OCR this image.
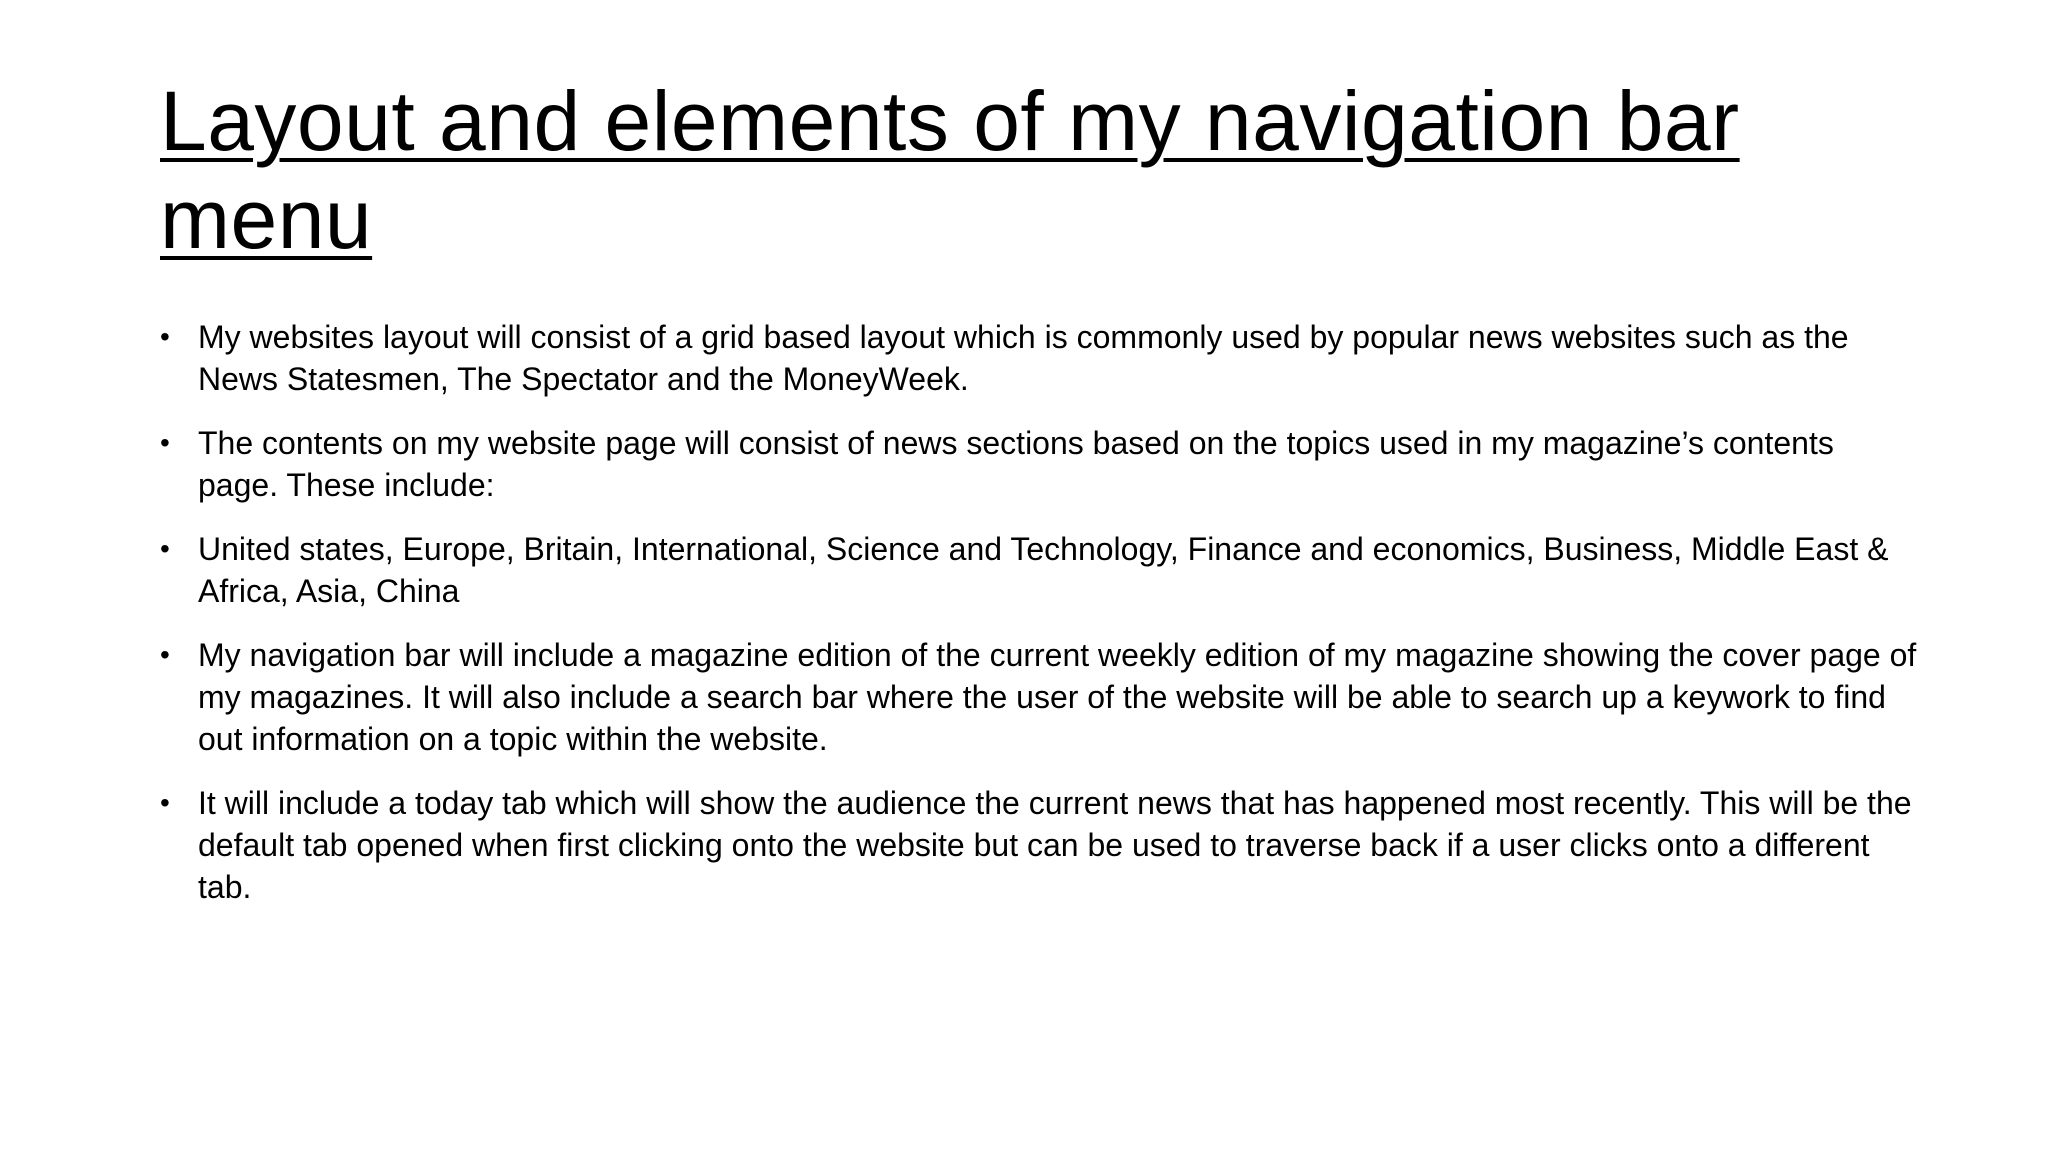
Layout and elements of my navigation bar menu
• My websites layout will consist of a grid based layout which is commonly used by popular news websites such as the News Statesmen, The Spectator and the MoneyWeek.
• The contents on my website page will consist of news sections based on the topics used in my magazine’s contents page. These include:
• United states, Europe, Britain, International, Science and Technology, Finance and economics, Business, Middle East & Africa, Asia, China
• My navigation bar will include a magazine edition of the current weekly edition of my magazine showing the cover page of my magazines. It will also include a search bar where the user of the website will be able to search up a keywork to find out information on a topic within the website.
• It will include a today tab which will show the audience the current news that has happened most recently. This will be the default tab opened when first clicking onto the website but can be used to traverse back if a user clicks onto a different tab.
